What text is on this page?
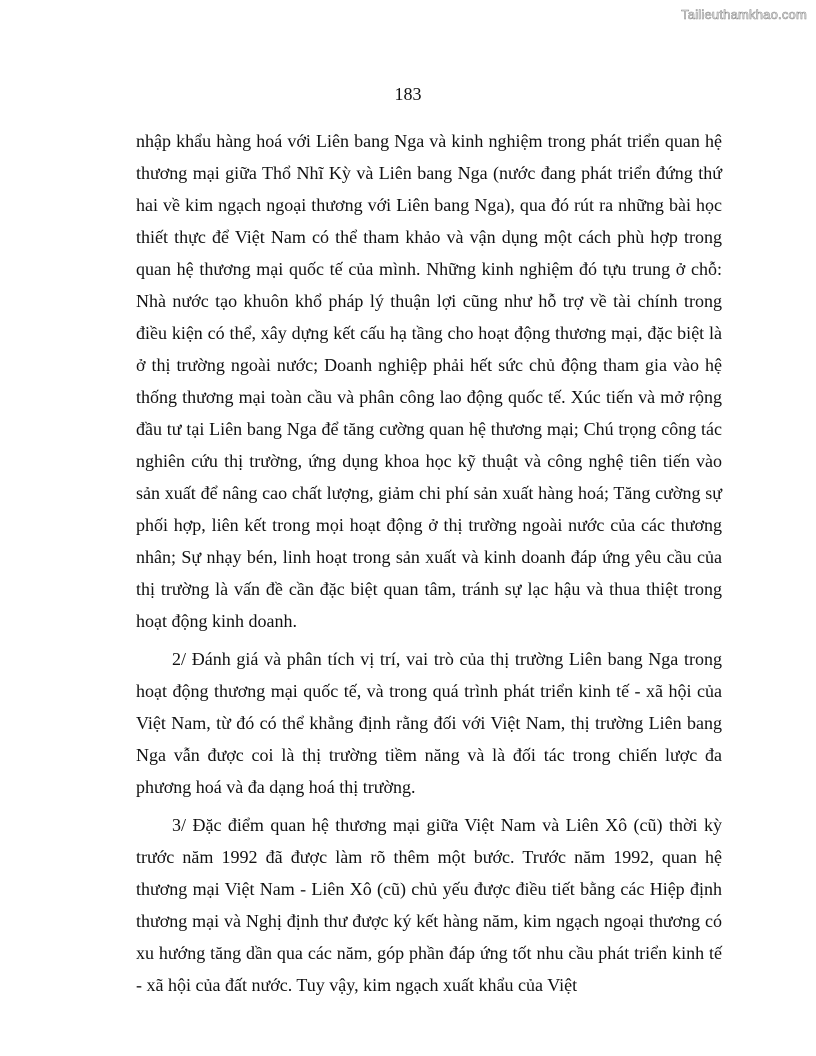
Tailieuthamkhao.com
183

nhập khẩu hàng hoá với Liên bang Nga và kinh nghiệm trong phát triển quan hệ thương mại giữa Thổ Nhĩ Kỳ và Liên bang Nga (nước đang phát triển đứng thứ hai về kim ngạch ngoại thương với Liên bang Nga), qua đó rút ra những bài học thiết thực để Việt Nam có thể tham khảo và vận dụng một cách phù hợp trong quan hệ thương mại quốc tế của mình. Những kinh nghiệm đó tựu trung ở chỗ: Nhà nước tạo khuôn khổ pháp lý thuận lợi cũng như hỗ trợ về tài chính trong điều kiện có thể, xây dựng kết cấu hạ tầng cho hoạt động thương mại, đặc biệt là ở thị trường ngoài nước; Doanh nghiệp phải hết sức chủ động tham gia vào hệ thống thương mại toàn cầu và phân công lao động quốc tế. Xúc tiến và mở rộng đầu tư tại Liên bang Nga để tăng cường quan hệ thương mại; Chú trọng công tác nghiên cứu thị trường, ứng dụng khoa học kỹ thuật và công nghệ tiên tiến vào sản xuất để nâng cao chất lượng, giảm chi phí sản xuất hàng hoá; Tăng cường sự phối hợp, liên kết trong mọi hoạt động ở thị trường ngoài nước của các thương nhân; Sự nhạy bén, linh hoạt trong sản xuất và kinh doanh đáp ứng yêu cầu của thị trường là vấn đề cần đặc biệt quan tâm, tránh sự lạc hậu và thua thiệt trong hoạt động kinh doanh.

2/ Đánh giá và phân tích vị trí, vai trò của thị trường Liên bang Nga trong hoạt động thương mại quốc tế, và trong quá trình phát triển kinh tế - xã hội của Việt Nam, từ đó có thể khẳng định rằng đối với Việt Nam, thị trường Liên bang Nga vẫn được coi là thị trường tiềm năng và là đối tác trong chiến lược đa phương hoá và đa dạng hoá thị trường.

3/ Đặc điểm quan hệ thương mại giữa Việt Nam và Liên Xô (cũ) thời kỳ trước năm 1992 đã được làm rõ thêm một bước. Trước năm 1992, quan hệ thương mại Việt Nam - Liên Xô (cũ) chủ yếu được điều tiết bằng các Hiệp định thương mại và Nghị định thư được ký kết hàng năm, kim ngạch ngoại thương có xu hướng tăng dần qua các năm, góp phần đáp ứng tốt nhu cầu phát triển kinh tế - xã hội của đất nước. Tuy vậy, kim ngạch xuất khẩu của Việt
